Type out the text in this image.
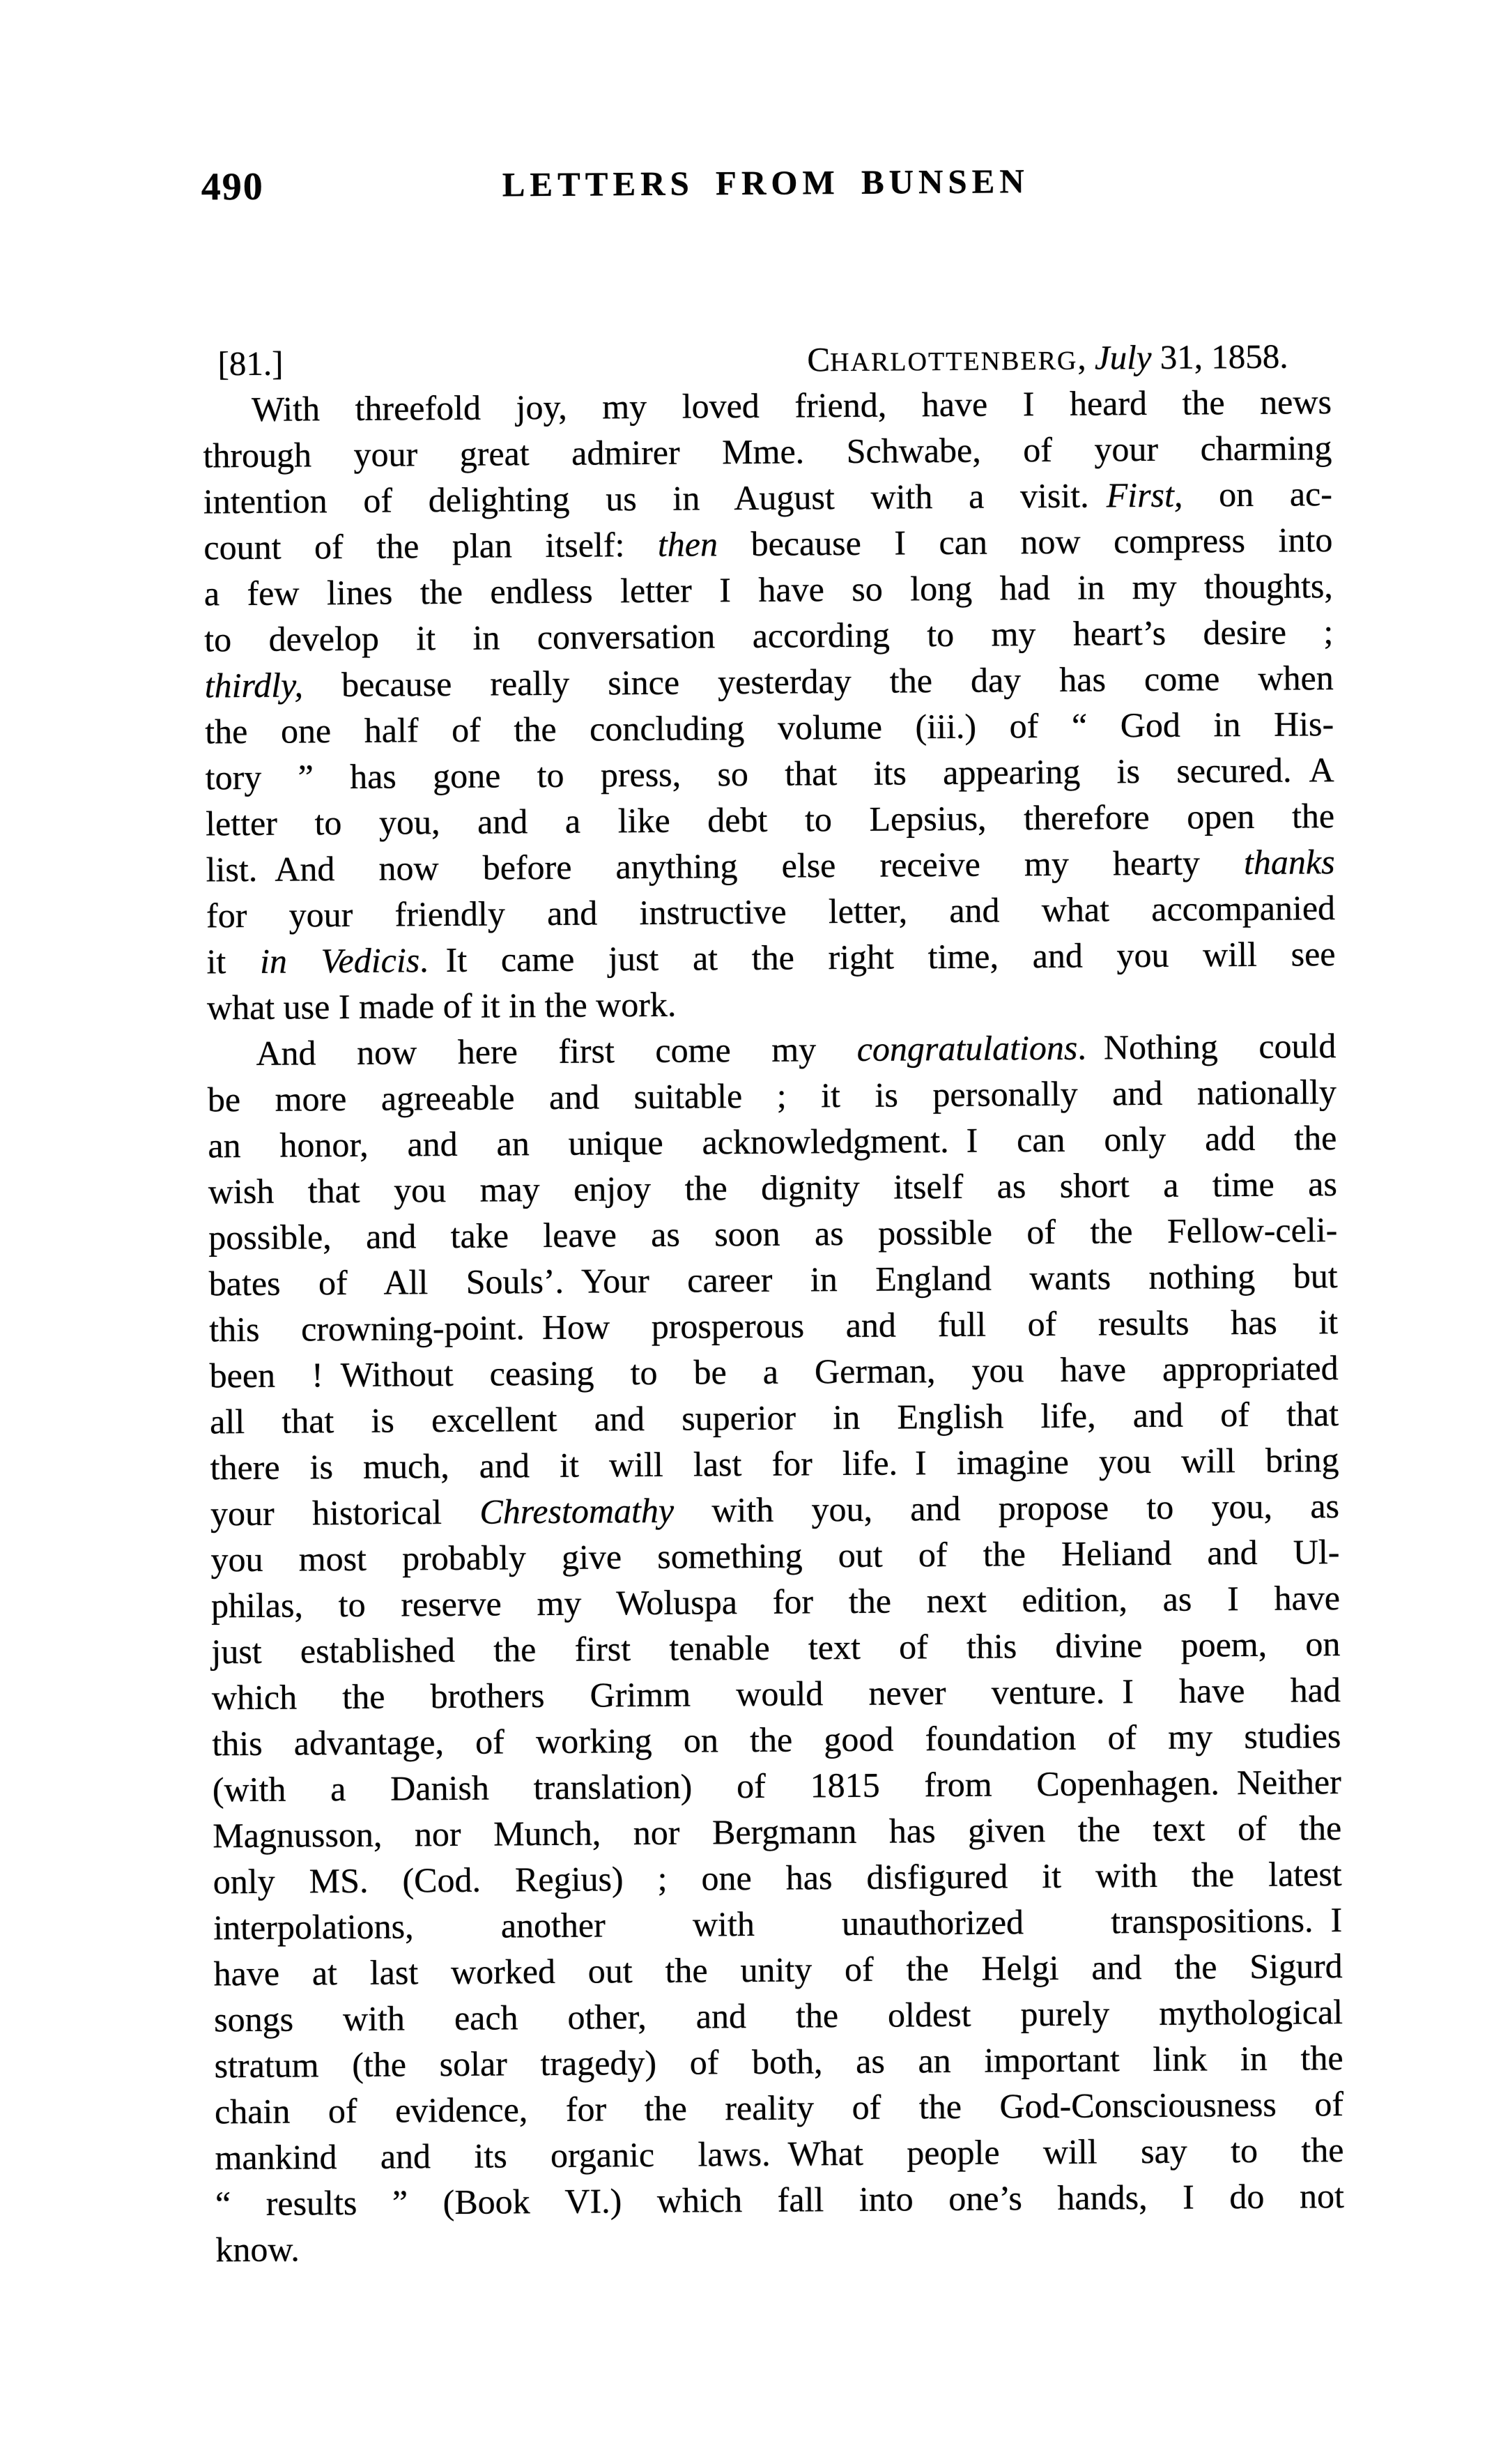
490	LETTERS FROM BUNSEN
[81.]	CHARLOTTENBERG, July 31, 1858.
With threefold joy, my loved friend, have I heard the news
through your great admirer Mme. Schwabe, of your charming
intention of delighting us in August with a visit. First, on ac-
count of the plan itself: then because I can now compress into
a few lines the endless letter I have so long had in my thoughts,
to develop it in conversation according to my heart’s desire ;
thirdly, because really since yesterday the day has come when
the one half of the concluding volume (iii.) of “ God in His-
tory ” has gone to press, so that its appearing is secured. A
letter to you, and a like debt to Lepsius, therefore open the
list. And now before anything else receive my hearty thanks
for your friendly and instructive letter, and what accompanied
it in Vedicis. It came just at the right time, and you will see
what use I made of it in the work.
And now here first come my congratulations. Nothing could
be more agreeable and suitable ; it is personally and nationally
an honor, and an unique acknowledgment. I can only add the
wish that you may enjoy the dignity itself as short a time as
possible, and take leave as soon as possible of the Fellow-celi-
bates of All Souls’. Your career in England wants nothing but
this crowning-point. How prosperous and full of results has it
been ! Without ceasing to be a German, you have appropriated
all that is excellent and superior in English life, and of that
there is much, and it will last for life. I imagine you will bring
your historical Chrestomathy with you, and propose to you, as
you most probably give something out of the Heliand and Ul-
philas, to reserve my Woluspa for the next edition, as I have
just established the first tenable text of this divine poem, on
which the brothers Grimm would never venture. I have had
this advantage, of working on the good foundation of my studies
(with a Danish translation) of 1815 from Copenhagen. Neither
Magnusson, nor Munch, nor Bergmann has given the text of the
only MS. (Cod. Regius) ; one has disfigured it with the latest
interpolations, another with unauthorized transpositions. I
have at last worked out the unity of the Helgi and the Sigurd
songs with each other, and the oldest purely mythological
stratum (the solar tragedy) of both, as an important link in the
chain of evidence, for the reality of the God-Consciousness of
mankind and its organic laws. What people will say to the
“ results ” (Book VI.) which fall into one’s hands, I do not
know.
